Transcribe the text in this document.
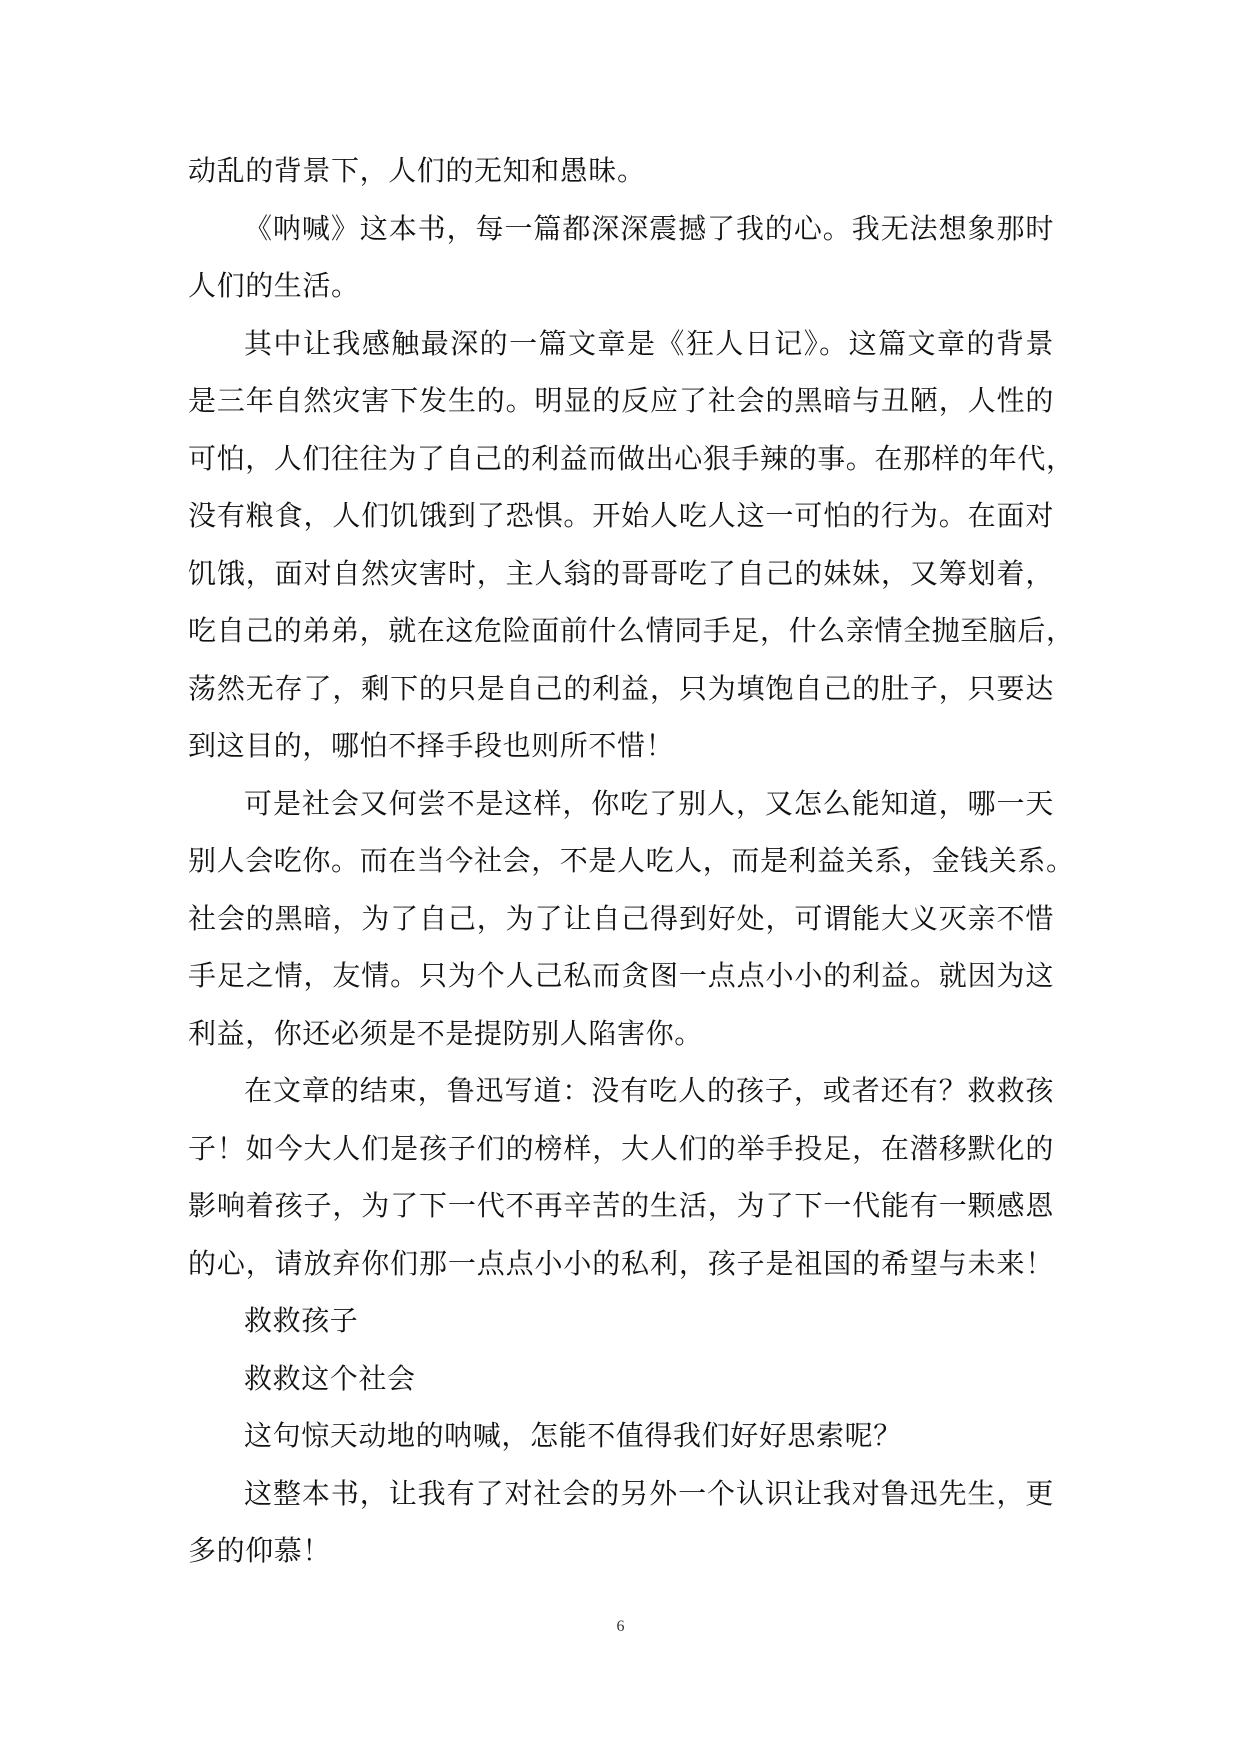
动乱的背景下，人们的无知和愚昧。
《呐喊》这本书，每一篇都深深震撼了我的心。我无法想象那时
人们的生活。
其中让我感触最深的一篇文章是《狂人日记》。这篇文章的背景
是三年自然灾害下发生的。明显的反应了社会的黑暗与丑陋，人性的
可怕，人们往往为了自己的利益而做出心狠手辣的事。在那样的年代，
没有粮食，人们饥饿到了恐惧。开始人吃人这一可怕的行为。在面对
饥饿，面对自然灾害时，主人翁的哥哥吃了自己的妹妹，又筹划着，
吃自己的弟弟，就在这危险面前什么情同手足，什么亲情全抛至脑后，
荡然无存了，剩下的只是自己的利益，只为填饱自己的肚子，只要达
到这目的，哪怕不择手段也则所不惜！
可是社会又何尝不是这样，你吃了别人，又怎么能知道，哪一天
别人会吃你。而在当今社会，不是人吃人，而是利益关系，金钱关系。
社会的黑暗，为了自己，为了让自己得到好处，可谓能大义灭亲不惜
手足之情，友情。只为个人己私而贪图一点点小小的利益。就因为这
利益，你还必须是不是提防别人陷害你。
在文章的结束，鲁迅写道：没有吃人的孩子，或者还有？救救孩
子！如今大人们是孩子们的榜样，大人们的举手投足，在潜移默化的
影响着孩子，为了下一代不再辛苦的生活，为了下一代能有一颗感恩
的心，请放弃你们那一点点小小的私利，孩子是祖国的希望与未来！
救救孩子
救救这个社会
这句惊天动地的呐喊，怎能不值得我们好好思索呢？
这整本书，让我有了对社会的另外一个认识让我对鲁迅先生，更
多的仰慕！
6
